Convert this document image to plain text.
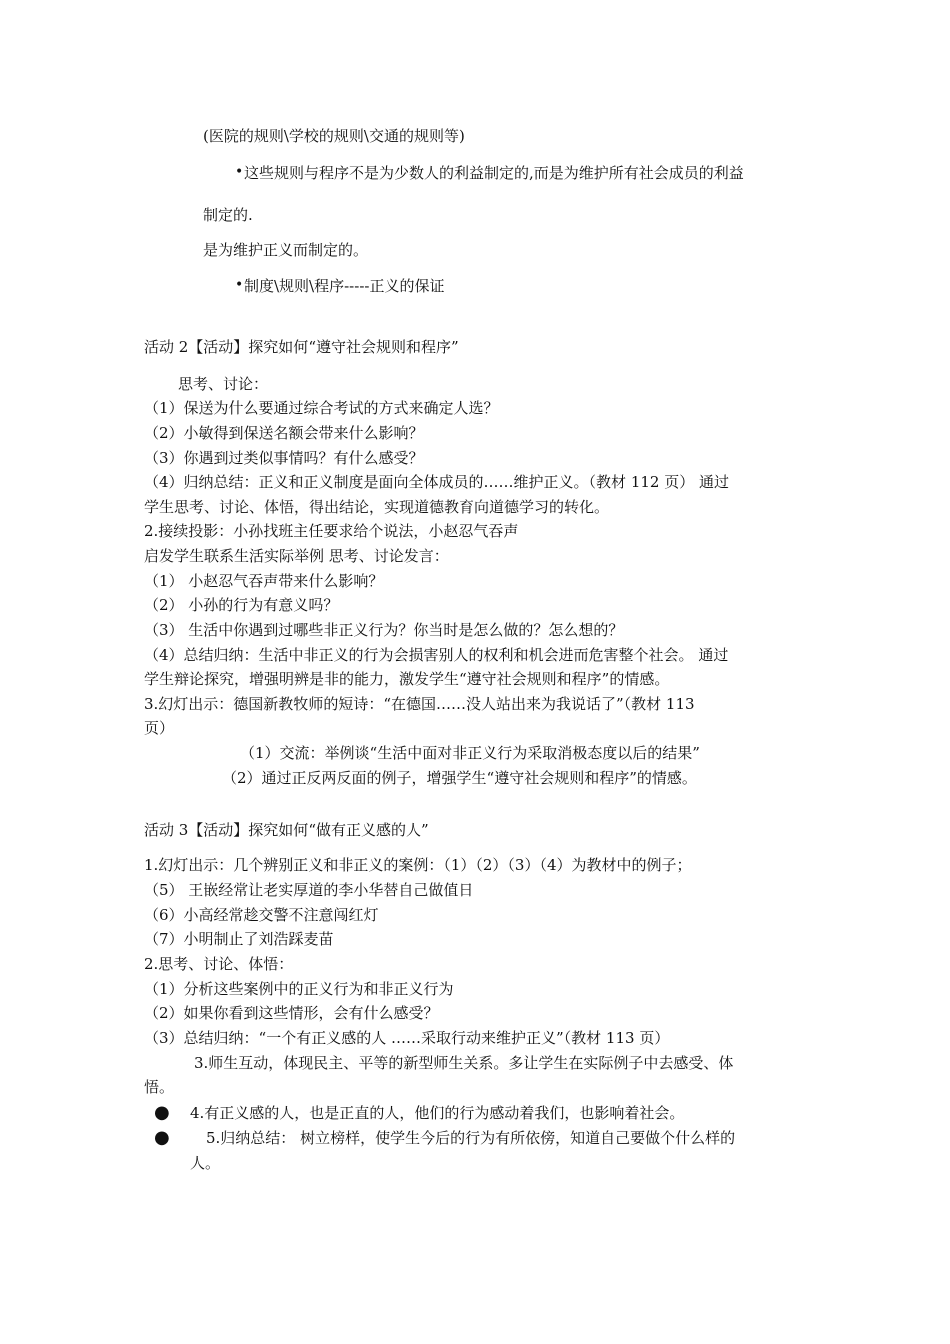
(医院的规则\学校的规则\交通的规则等)
• 这些规则与程序不是为少数人的利益制定的,而是为维护所有社会成员的利益
制定的.
是为维护正义而制定的。
• 制度\规则\程序-----正义的保证
活动 2【活动】探究如何“遵守社会规则和程序”
思考、讨论：
（1）保送为什么要通过综合考试的方式来确定人选？
（2）小敏得到保送名额会带来什么影响？
（3）你遇到过类似事情吗？有什么感受？
（4）归纳总结：正义和正义制度是面向全体成员的……维护正义。（教材 112 页） 通过
学生思考、讨论、体悟，得出结论，实现道德教育向道德学习的转化。
2.接续投影：小孙找班主任要求给个说法，小赵忍气吞声
启发学生联系生活实际举例 思考、讨论发言：
（1） 小赵忍气吞声带来什么影响？
（2） 小孙的行为有意义吗？
（3） 生活中你遇到过哪些非正义行为？你当时是怎么做的？怎么想的？
（4）总结归纳：生活中非正义的行为会损害别人的权利和机会进而危害整个社会。 通过
学生辩论探究，增强明辨是非的能力，激发学生“遵守社会规则和程序”的情感。
3.幻灯出示：德国新教牧师的短诗：“在德国……没人站出来为我说话了”（教材 113
页）
（1）交流：举例谈“生活中面对非正义行为采取消极态度以后的结果”
（2）通过正反两反面的例子，增强学生“遵守社会规则和程序”的情感。
活动 3【活动】探究如何“做有正义感的人”
1.幻灯出示：几个辨别正义和非正义的案例：（1）（2）（3）（4）为教材中的例子；
（5） 王嵌经常让老实厚道的李小华替自己做值日
（6）小高经常趁交警不注意闯红灯
（7）小明制止了刘浩踩麦苗
2.思考、讨论、体悟：
（1）分析这些案例中的正义行为和非正义行为
（2）如果你看到这些情形，会有什么感受？
（3）总结归纳：“一个有正义感的人 ……采取行动来维护正义”（教材 113 页）
3.师生互动，体现民主、平等的新型师生关系。多让学生在实际例子中去感受、体
悟。
● 4.有正义感的人，也是正直的人，他们的行为感动着我们，也影响着社会。
● 5.归纳总结： 树立榜样，使学生今后的行为有所依傍，知道自己要做个什么样的
人。
